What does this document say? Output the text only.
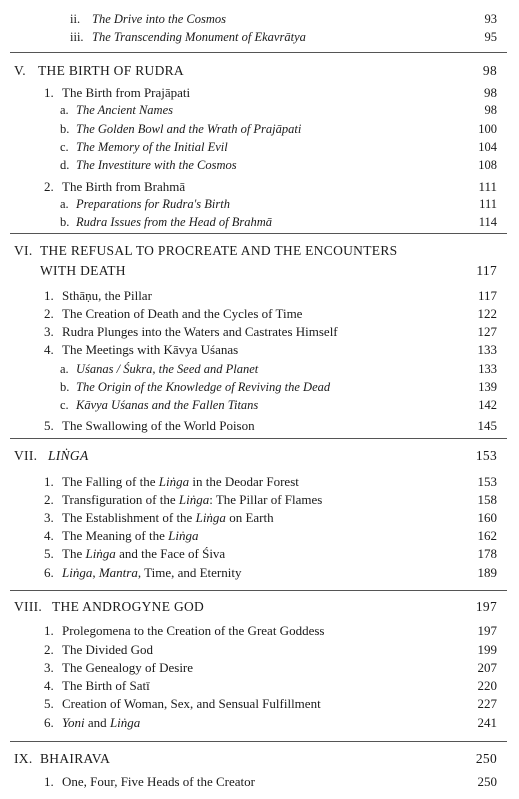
ii. The Drive into the Cosmos	93
iii. The Transcending Monument of Ekavrātya	95
V. THE BIRTH OF RUDRA	98
1. The Birth from Prajāpati	98
a. The Ancient Names	98
b. The Golden Bowl and the Wrath of Prajāpati	100
c. The Memory of the Initial Evil	104
d. The Investiture with the Cosmos	108
2. The Birth from Brahmā	111
a. Preparations for Rudra's Birth	111
b. Rudra Issues from the Head of Brahmā	114
VI. THE REFUSAL TO PROCREATE AND THE ENCOUNTERS
WITH DEATH	117
1. Sthāṇu, the Pillar	117
2. The Creation of Death and the Cycles of Time	122
3. Rudra Plunges into the Waters and Castrates Himself	127
4. The Meetings with Kāvya Uśanas	133
a. Uśanas / Śukra, the Seed and Planet	133
b. The Origin of the Knowledge of Reviving the Dead	139
c. Kāvya Uśanas and the Fallen Titans	142
5. The Swallowing of the World Poison	145
VII. LIṄGA	153
1. The Falling of the Liṅga in the Deodar Forest	153
2. Transfiguration of the Liṅga: The Pillar of Flames	158
3. The Establishment of the Liṅga on Earth	160
4. The Meaning of the Liṅga	162
5. The Liṅga and the Face of Śiva	178
6. Liṅga, Mantra, Time, and Eternity	189
VIII. THE ANDROGYNE GOD	197
1. Prolegomena to the Creation of the Great Goddess	197
2. The Divided God	199
3. The Genealogy of Desire	207
4. The Birth of Satī	220
5. Creation of Woman, Sex, and Sensual Fulfillment	227
6. Yoni and Liṅga	241
IX. BHAIRAVA	250
1. One, Four, Five Heads of the Creator	250
